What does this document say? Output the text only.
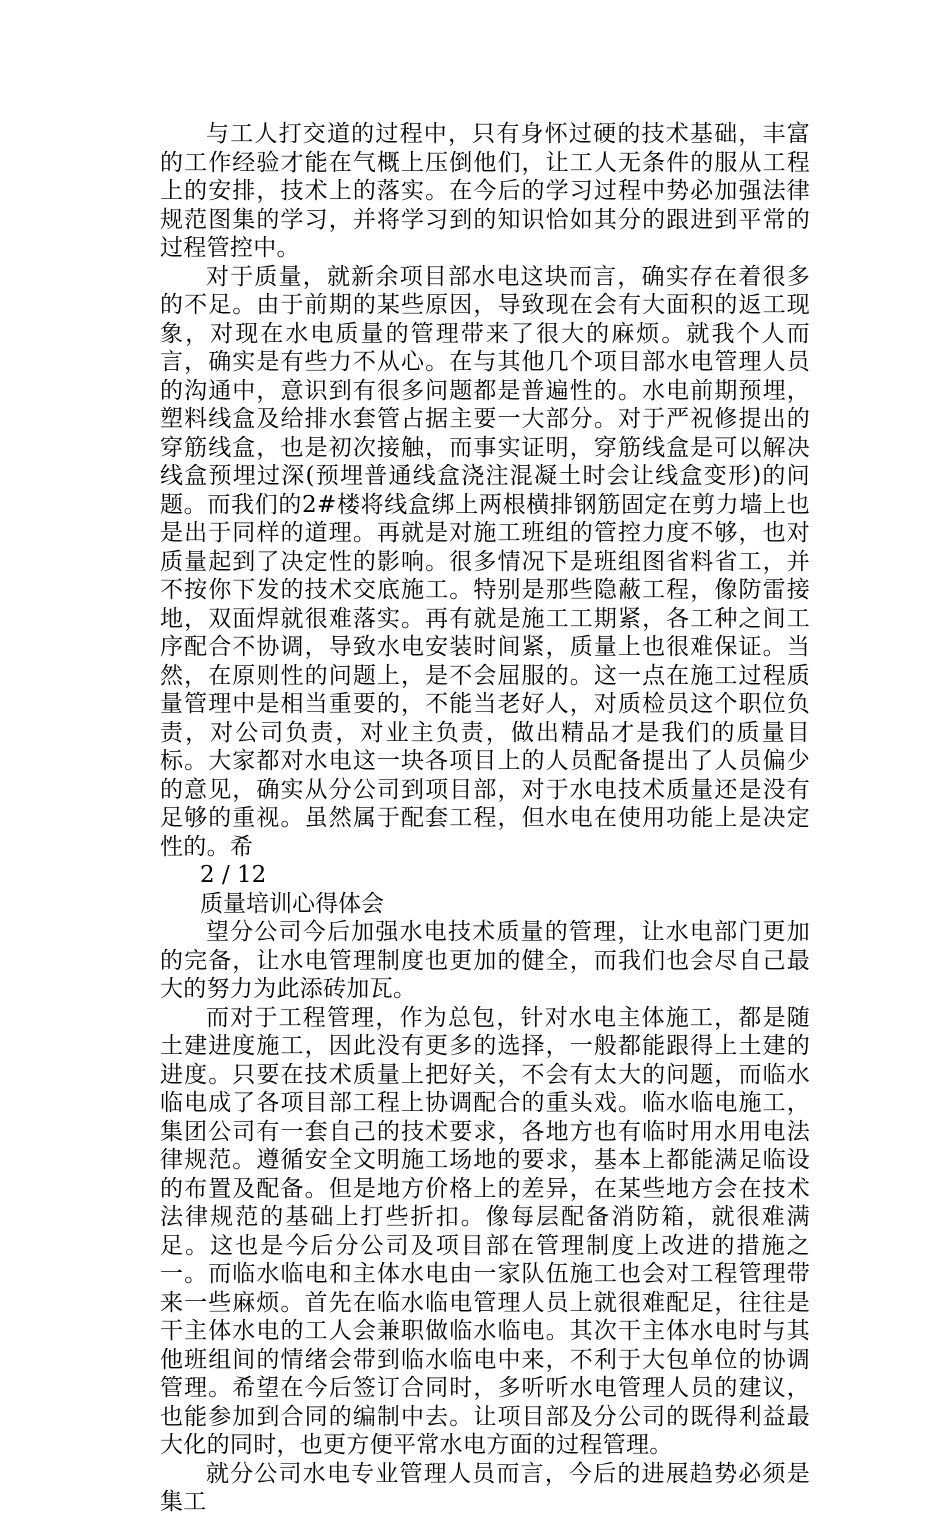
与工人打交道的过程中，只有身怀过硬的技术基础，丰富的工作经验才能在气概上压倒他们，让工人无条件的服从工程上的安排，技术上的落实。在今后的学习过程中势必加强法律规范图集的学习，并将学习到的知识恰如其分的跟进到平常的过程管控中。

对于质量，就新余项目部水电这块而言，确实存在着很多的不足。由于前期的某些原因，导致现在会有大面积的返工现象，对现在水电质量的管理带来了很大的麻烦。就我个人而言，确实是有些力不从心。在与其他几个项目部水电管理人员的沟通中，意识到有很多问题都是普遍性的。水电前期预埋，塑料线盒及给排水套管占据主要一大部分。对于严祝修提出的穿筋线盒，也是初次接触，而事实证明，穿筋线盒是可以解决线盒预埋过深(预埋普通线盒浇注混凝土时会让线盒变形)的问题。而我们的2#楼将线盒绑上两根横排钢筋固定在剪力墙上也是出于同样的道理。再就是对施工班组的管控力度不够，也对质量起到了决定性的影响。很多情况下是班组图省料省工，并不按你下发的技术交底施工。特别是那些隐蔽工程，像防雷接地，双面焊就很难落实。再有就是施工工期紧，各工种之间工序配合不协调，导致水电安装时间紧，质量上也很难保证。当然，在原则性的问题上，是不会屈服的。这一点在施工过程质量管理中是相当重要的，不能当老好人，对质检员这个职位负责，对公司负责，对业主负责，做出精品才是我们的质量目标。大家都对水电这一块各项目上的人员配备提出了人员偏少的意见，确实从分公司到项目部，对于水电技术质量还是没有足够的重视。虽然属于配套工程，但水电在使用功能上是决定性的。希

2 / 12

质量培训心得体会

望分公司今后加强水电技术质量的管理，让水电部门更加的完备，让水电管理制度也更加的健全，而我们也会尽自己最大的努力为此添砖加瓦。

而对于工程管理，作为总包，针对水电主体施工，都是随土建进度施工，因此没有更多的选择，一般都能跟得上土建的进度。只要在技术质量上把好关，不会有太大的问题，而临水临电成了各项目部工程上协调配合的重头戏。临水临电施工，集团公司有一套自己的技术要求，各地方也有临时用水用电法律规范。遵循安全文明施工场地的要求，基本上都能满足临设的布置及配备。但是地方价格上的差异，在某些地方会在技术法律规范的基础上打些折扣。像每层配备消防箱，就很难满足。这也是今后分公司及项目部在管理制度上改进的措施之一。而临水临电和主体水电由一家队伍施工也会对工程管理带来一些麻烦。首先在临水临电管理人员上就很难配足，往往是干主体水电的工人会兼职做临水临电。其次干主体水电时与其他班组间的情绪会带到临水临电中来，不利于大包单位的协调管理。希望在今后签订合同时，多听听水电管理人员的建议，也能参加到合同的编制中去。让项目部及分公司的既得利益最大化的同时，也更方便平常水电方面的过程管理。

就分公司水电专业管理人员而言，今后的进展趋势必须是集工
